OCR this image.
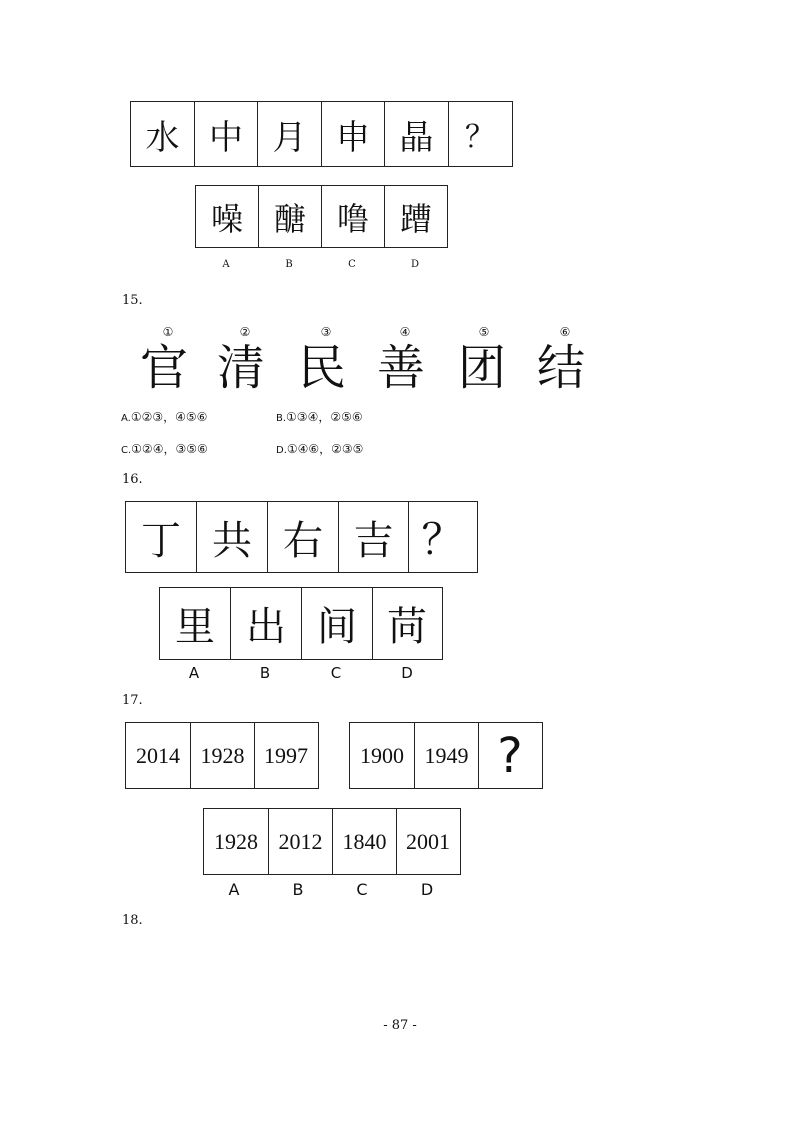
水 中 月 申 晶	？
噪 醣 噜 蹧
A	B	C	D
15.
①	②	③	④	⑤	⑥
官 清 民 善 团 结
A.①②③，④⑤⑥	B.①③④，②⑤⑥
C.①②④，③⑤⑥	D.①④⑥，②③⑤
16.
丁 共 右 吉 ？
里 出 间 苘
A	B	C	D
17.
2014 1928 1997	1900 1949 ?
1928 2012 1840 2001
A	B	C	D
18.
- 87 -
